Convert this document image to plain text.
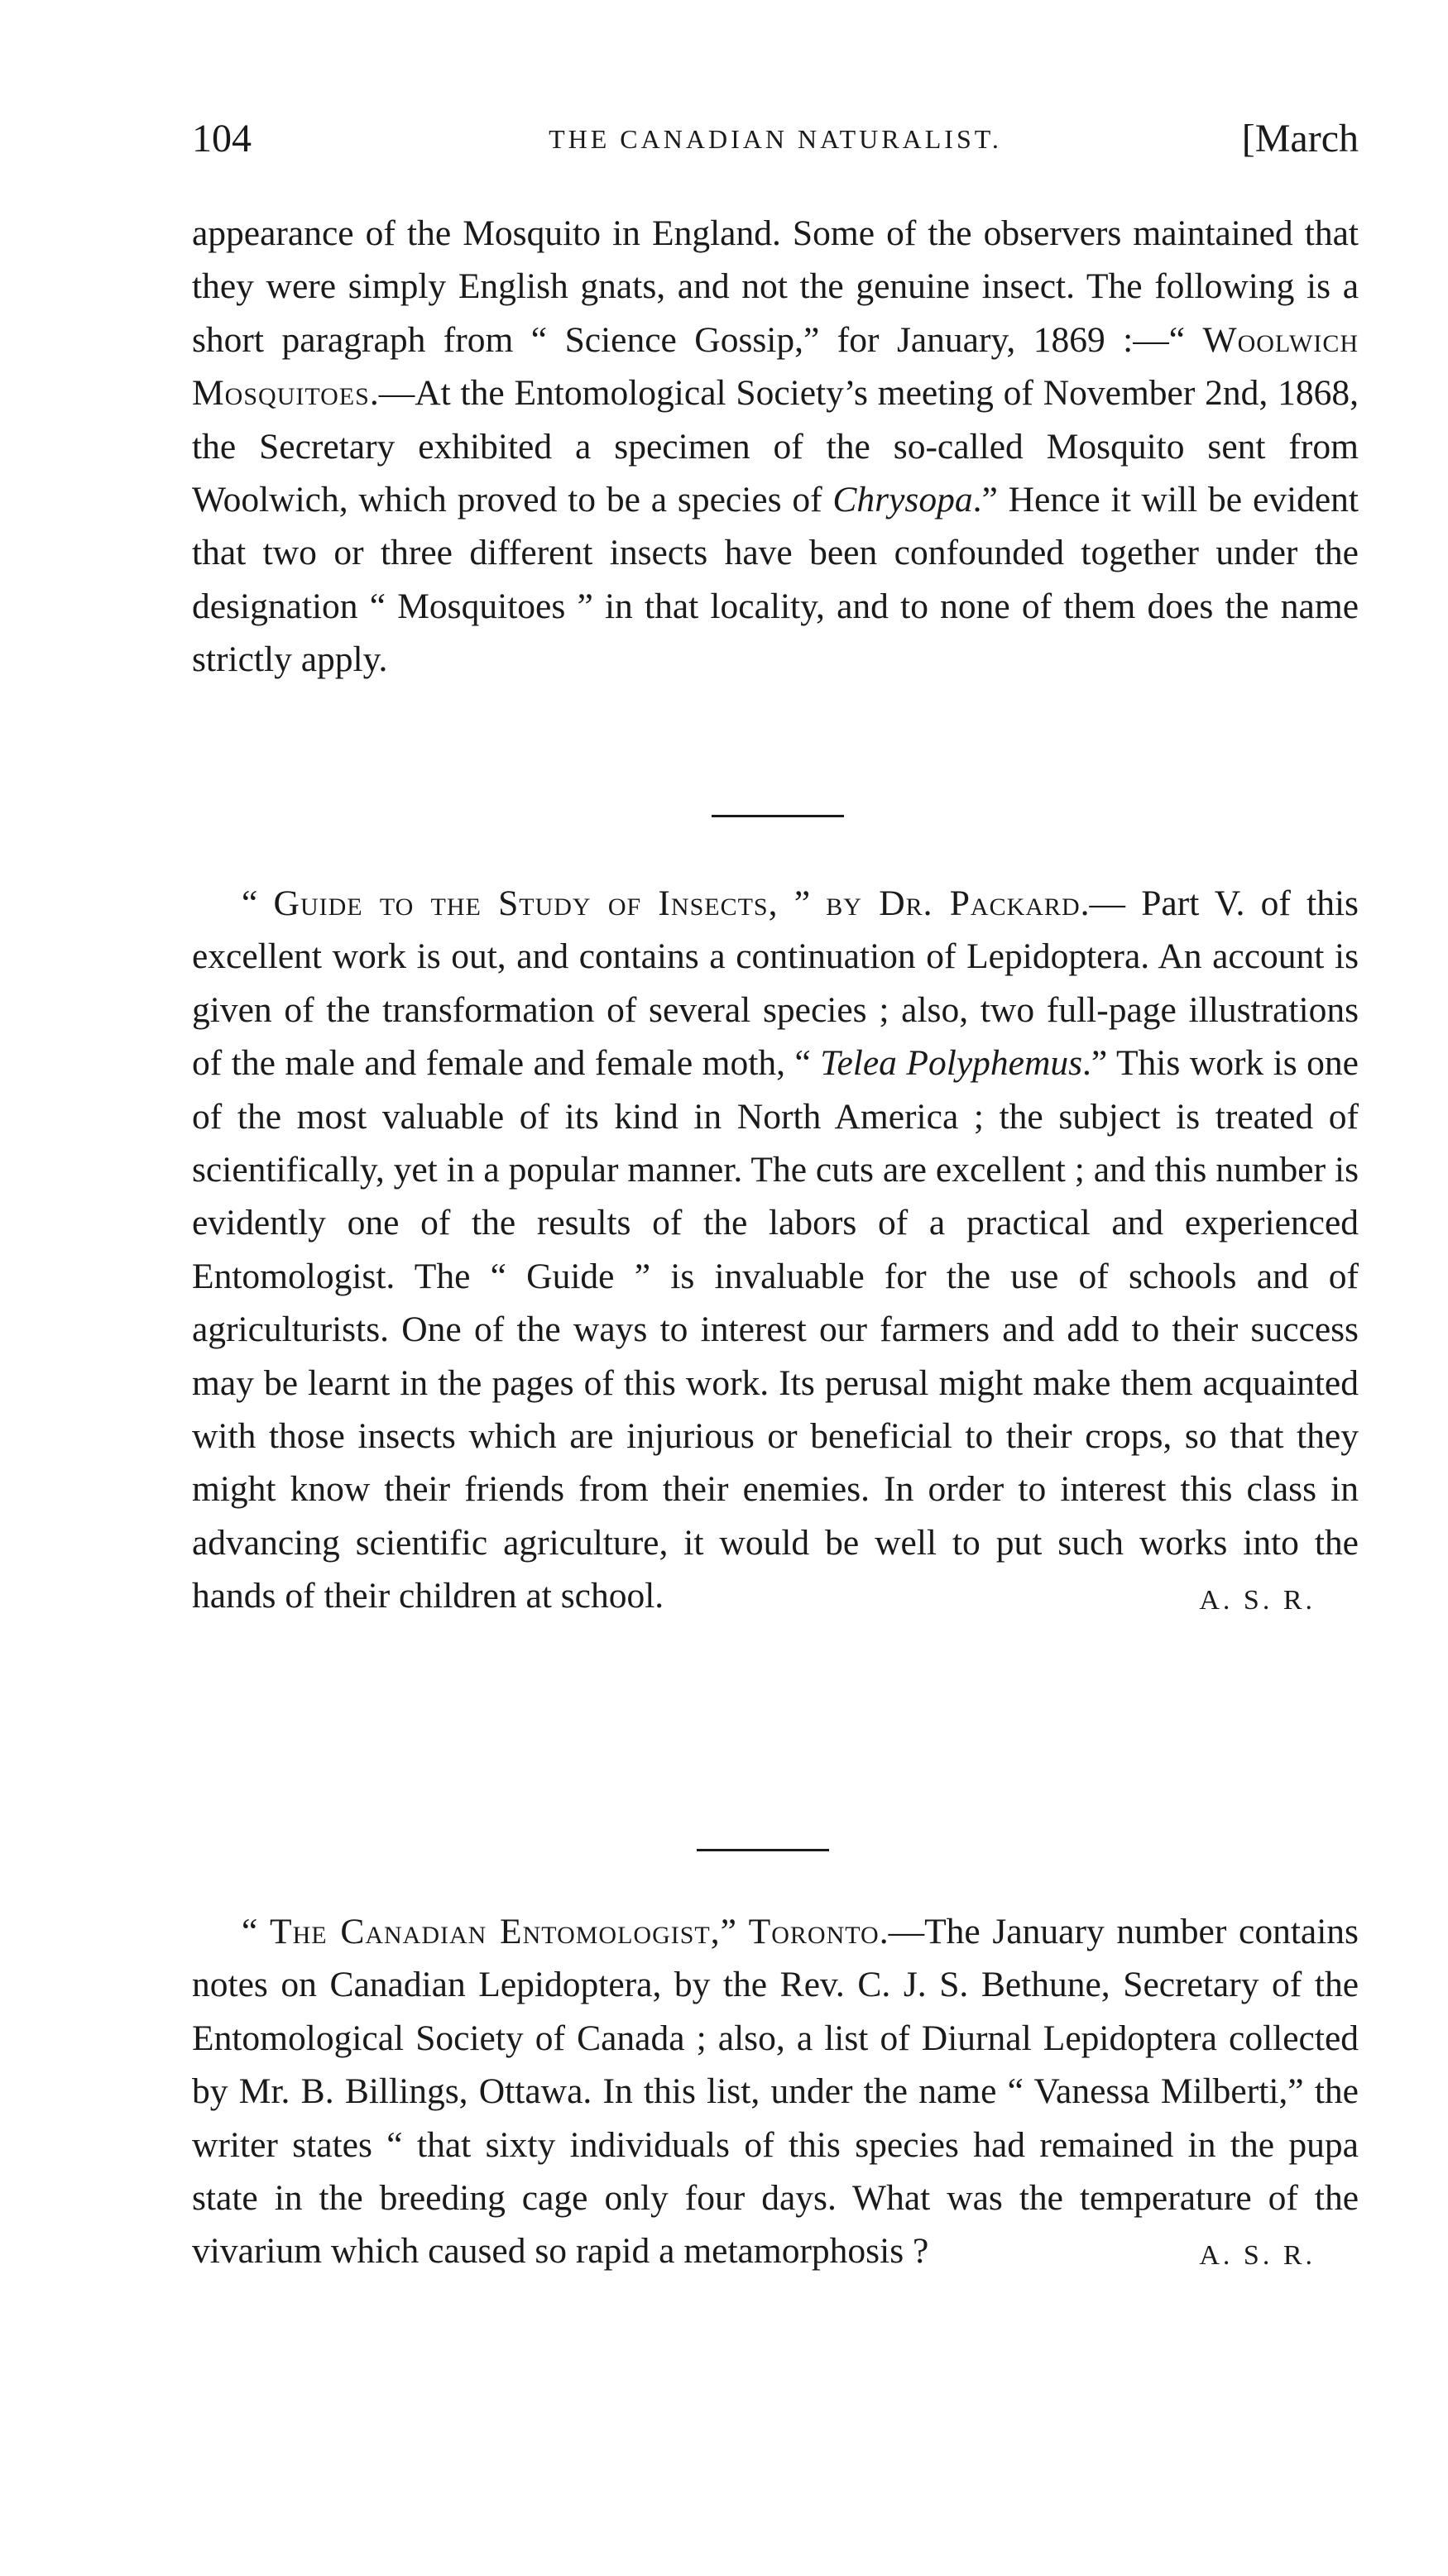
104	THE CANADIAN NATURALIST.	[March

appearance of the Mosquito in England. Some of the observers maintained that they were simply English gnats, and not the genuine insect. The following is a short paragraph from “ Science Gossip,” for January, 1869 :—“ Woolwich Mosquitoes.—At the Entomological Society’s meeting of November 2nd, 1868, the Secretary exhibited a specimen of the so-called Mosquito sent from Woolwich, which proved to be a species of Chrysopa.” Hence it will be evident that two or three different insects have been confounded together under the designation “ Mosquitoes ” in that locality, and to none of them does the name strictly apply.

“ Guide to the Study of Insects, ” by Dr. Packard.— Part V. of this excellent work is out, and contains a continuation of Lepidoptera. An account is given of the transformation of several species ; also, two full-page illustrations of the male and female and female moth, “ Telea Polyphemus.” This work is one of the most valuable of its kind in North America ; the subject is treated of scientifically, yet in a popular manner. The cuts are excellent ; and this number is evidently one of the results of the labors of a practical and experienced Entomologist. The “ Guide ” is invaluable for the use of schools and of agriculturists. One of the ways to interest our farmers and add to their success may be learnt in the pages of this work. Its perusal might make them acquainted with those insects which are injurious or beneficial to their crops, so that they might know their friends from their enemies. In order to interest this class in advancing scientific agriculture, it would be well to put such works into the hands of their children at school.	A. S. R.

“ The Canadian Entomologist,” Toronto.—The January number contains notes on Canadian Lepidoptera, by the Rev. C. J. S. Bethune, Secretary of the Entomological Society of Canada ; also, a list of Diurnal Lepidoptera collected by Mr. B. Billings, Ottawa. In this list, under the name “ Vanessa Milberti,” the writer states “ that sixty individuals of this species had remained in the pupa state in the breeding cage only four days. What was the temperature of the vivarium which caused so rapid a metamorphosis ?	A. S. R.
